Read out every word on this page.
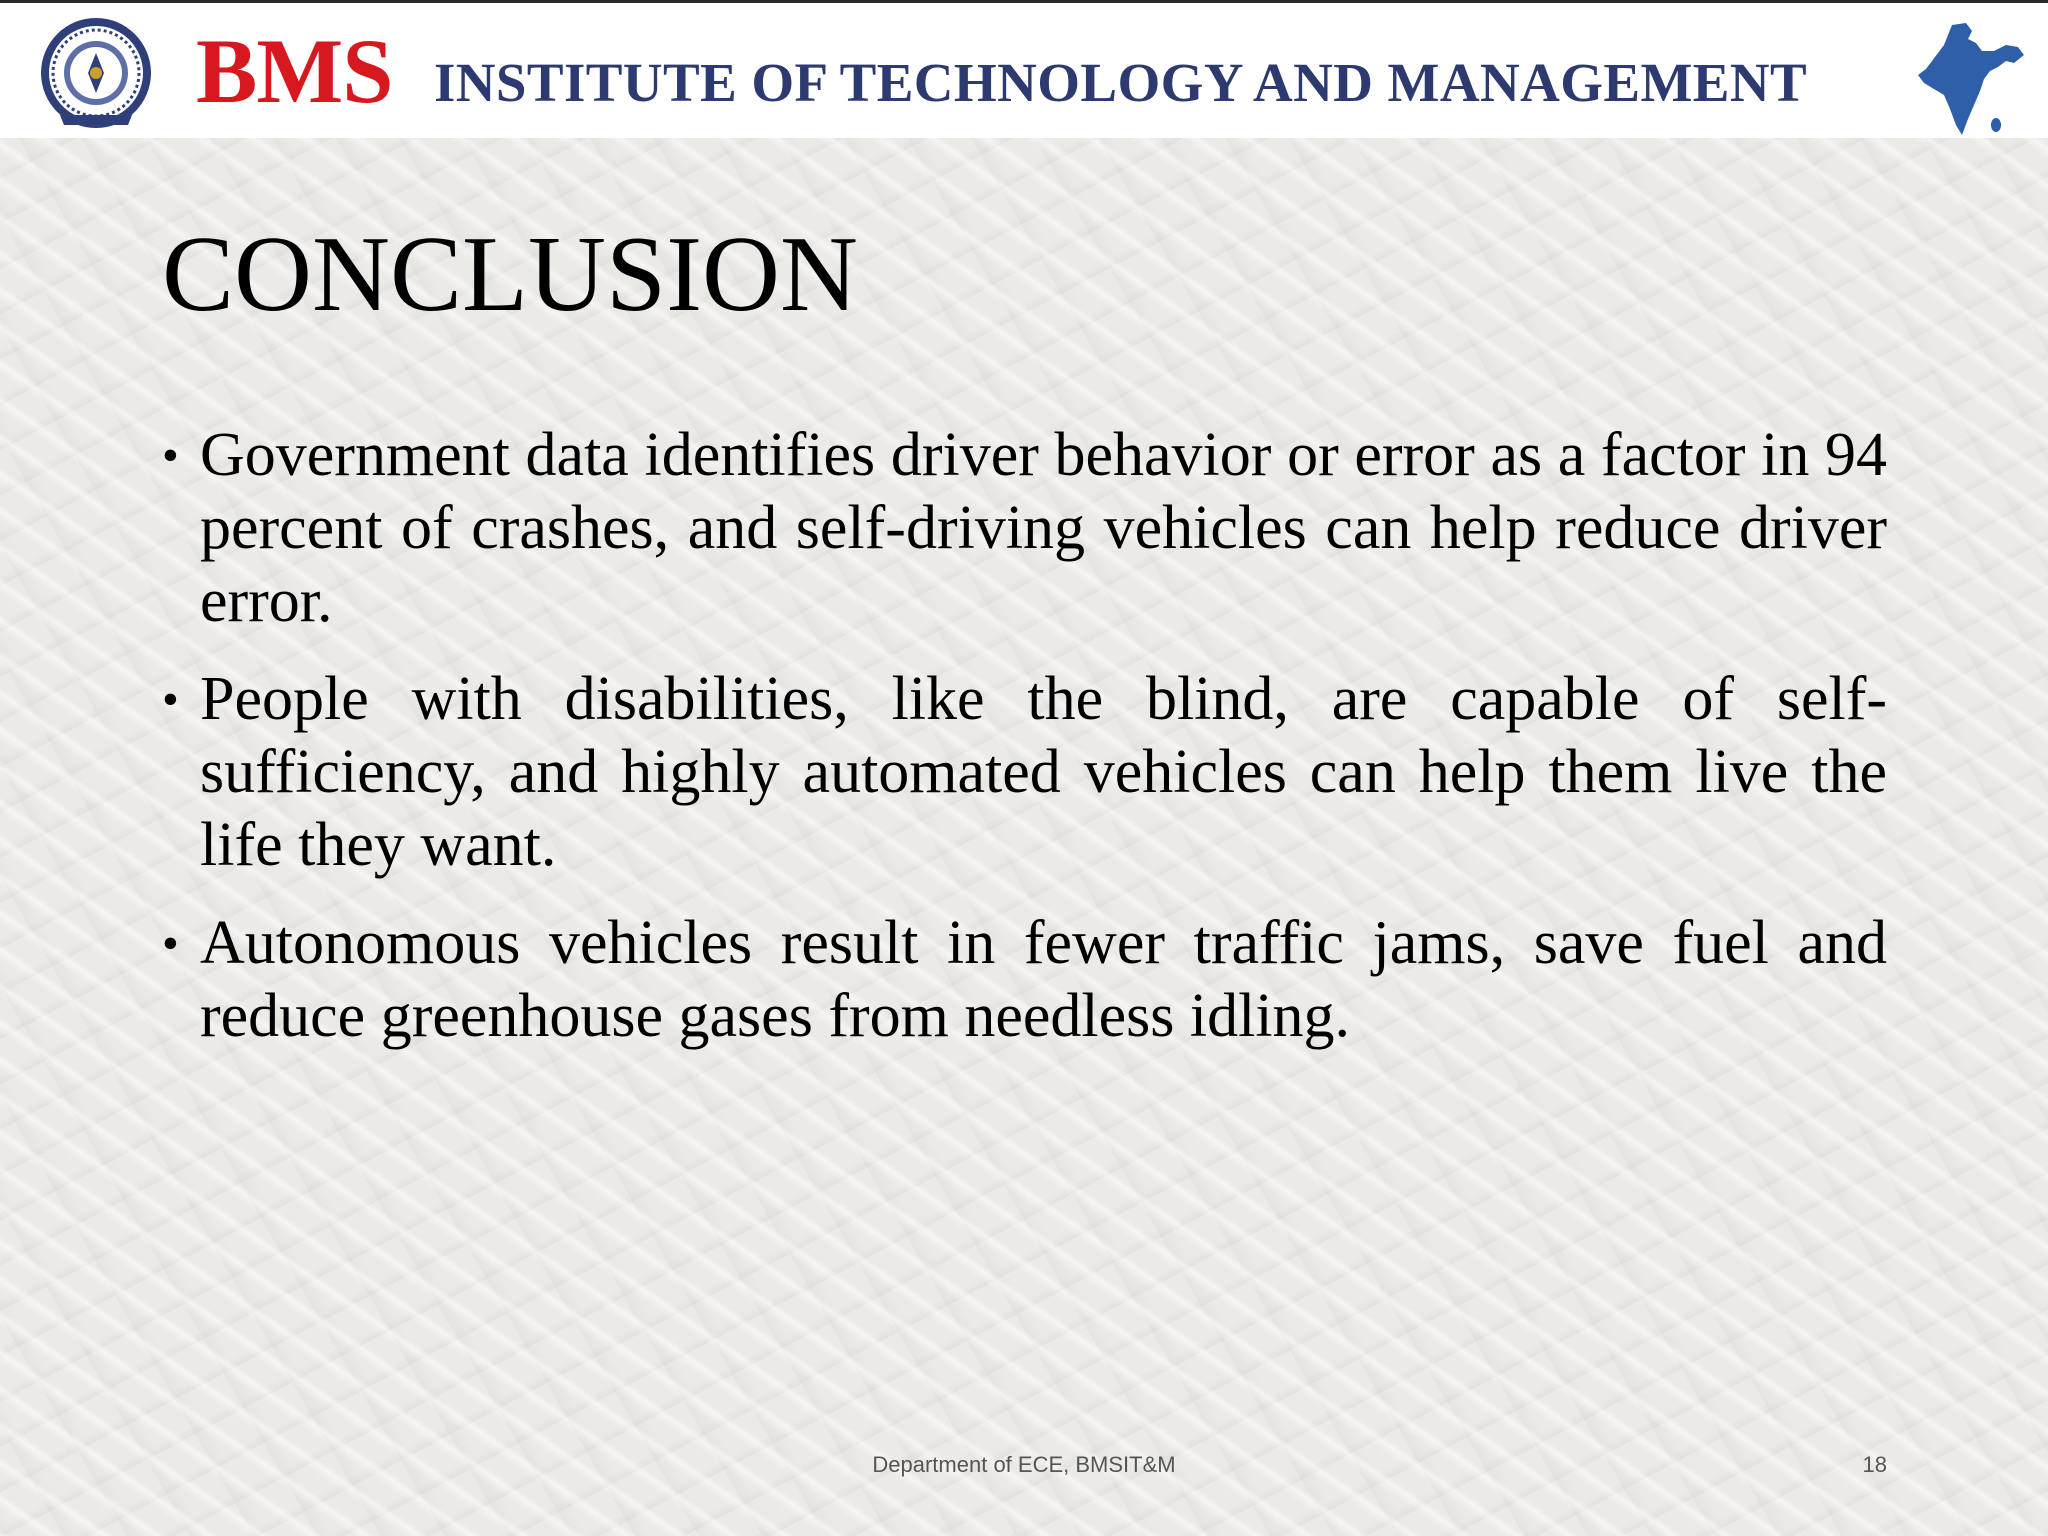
BMS INSTITUTE OF TECHNOLOGY AND MANAGEMENT
CONCLUSION
• Government data identifies driver behavior or error as a factor in 94 percent of crashes, and self-driving vehicles can help reduce driver error.
• People with disabilities, like the blind, are capable of self-sufficiency, and highly automated vehicles can help them live the life they want.
• Autonomous vehicles result in fewer traffic jams, save fuel and reduce greenhouse gases from needless idling.
Department of ECE, BMSIT&M	18
